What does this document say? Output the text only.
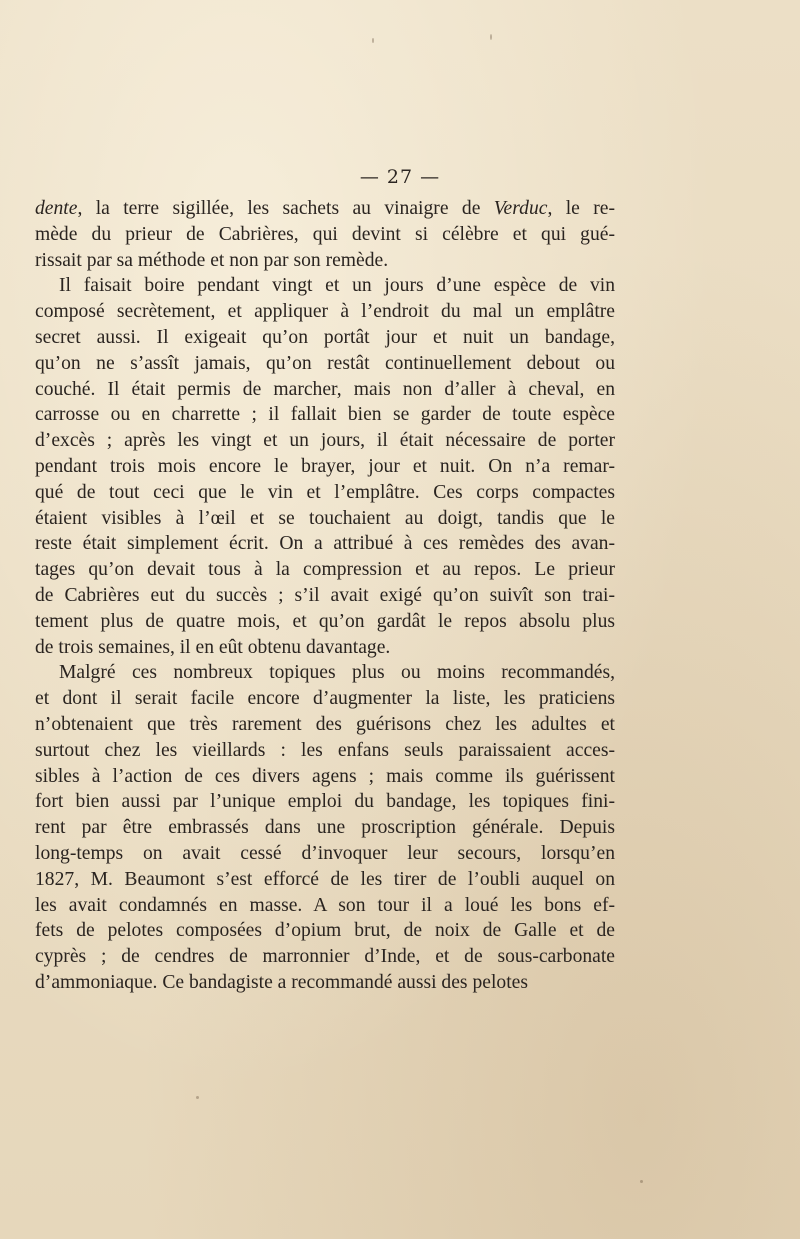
— 27 —
dente, la terre sigillée, les sachets au vinaigre de Verduc, le re-
mède du prieur de Cabrières, qui devint si célèbre et qui gué-
rissait par sa méthode et non par son remède.
Il faisait boire pendant vingt et un jours d’une espèce de vin
composé secrètement, et appliquer à l’endroit du mal un emplâtre
secret aussi. Il exigeait qu’on portât jour et nuit un bandage,
qu’on ne s’assît jamais, qu’on restât continuellement debout ou
couché. Il était permis de marcher, mais non d’aller à cheval, en
carrosse ou en charrette ; il fallait bien se garder de toute espèce
d’excès ; après les vingt et un jours, il était nécessaire de porter
pendant trois mois encore le brayer, jour et nuit. On n’a remar-
qué de tout ceci que le vin et l’emplâtre. Ces corps compactes
étaient visibles à l’œil et se touchaient au doigt, tandis que le
reste était simplement écrit. On a attribué à ces remèdes des avan-
tages qu’on devait tous à la compression et au repos. Le prieur
de Cabrières eut du succès ; s’il avait exigé qu’on suivît son trai-
tement plus de quatre mois, et qu’on gardât le repos absolu plus
de trois semaines, il en eût obtenu davantage.
Malgré ces nombreux topiques plus ou moins recommandés,
et dont il serait facile encore d’augmenter la liste, les praticiens
n’obtenaient que très rarement des guérisons chez les adultes et
surtout chez les vieillards : les enfans seuls paraissaient acces-
sibles à l’action de ces divers agens ; mais comme ils guérissent
fort bien aussi par l’unique emploi du bandage, les topiques fini-
rent par être embrassés dans une proscription générale. Depuis
long-temps on avait cessé d’invoquer leur secours, lorsqu’en
1827, M. Beaumont s’est efforcé de les tirer de l’oubli auquel on
les avait condamnés en masse. A son tour il a loué les bons ef-
fets de pelotes composées d’opium brut, de noix de Galle et de
cyprès ; de cendres de marronnier d’Inde, et de sous-carbonate
d’ammoniaque. Ce bandagiste a recommandé aussi des pelotes
